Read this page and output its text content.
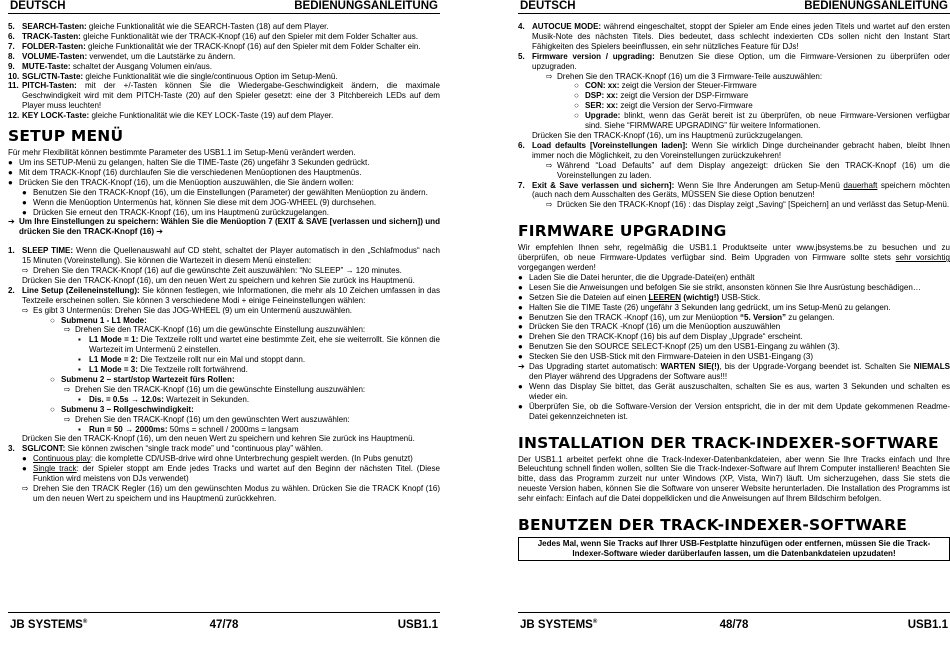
DEUTSCH	BEDIENUNGSANLEITUNG
5. SEARCH-Tasten: gleiche Funktionalität wie die SEARCH-Tasten (18) auf dem Player.
6. TRACK-Tasten: gleiche Funktionalität wie der TRACK-Knopf (16) auf den Spieler mit dem Folder Schalter aus.
7. FOLDER-Tasten: gleiche Funktionalität wie der TRACK-Knopf (16) auf den Spieler mit dem Folder Schalter ein.
8. VOLUME-Tasten: verwendet, um die Lautstärke zu ändern.
9. MUTE-Taste: schaltet der Ausgang Volumen ein/aus.
10. SGL/CTN-Taste: gleiche Funktionalität wie die single/continuous Option im Setup-Menü.
11. PITCH-Tasten: mit der +/-Tasten können Sie die Wiedergabe-Geschwindigkeit ändern, die maximale Geschwindigkeit wird mit dem PITCH-Taste (20) auf den Spieler gesetzt: eine der 3 Pitchbereich LEDs auf dem Player muss leuchten!
12. KEY LOCK-Taste: gleiche Funktionalität wie die KEY LOCK-Taste (19) auf dem Player.
SETUP MENÜ

Für mehr Flexibilität können bestimmte Parameter des USB1.1 im Setup-Menü verändert werden.

● Um ins SETUP-Menü zu gelangen, halten Sie die TIME-Taste (26) ungefähr 3 Sekunden gedrückt.
● Mit dem TRACK-Knopf (16) durchlaufen Sie die verschiedenen Menüoptionen des Hauptmenüs.
● Drücken Sie den TRACK-Knopf (16), um die Menüoption auszuwählen, die Sie ändern wollen:
● Benutzen Sie den TRACK-Knopf (16), um die Einstellungen (Parameter) der gewählten Menüoption zu ändern.
● Wenn die Menüoption Untermenüs hat, können Sie diese mit dem JOG-WHEEL (9) durchsehen.
● Drücken Sie erneut den TRACK-Knopf (16), um ins Hauptmenü zurückzugelangen.
➔ Um Ihre Einstellungen zu speichern: Wählen Sie die Menüoption 7 (EXIT & SAVE [verlassen und sichern]) und drücken Sie den TRACK-Knopf (16) ➔
1. SLEEP TIME: Wenn die Quellenauswahl auf CD steht, schaltet der Player automatisch in den „Schlafmodus“ nach 15 Minuten (Voreinstellung). Sie können die Wartezeit in diesem Menü einstellen:
⇨ Drehen Sie den TRACK-Knopf (16) auf die gewünschte Zeit auszuwählen: “No SLEEP” → 120 minutes.

Drücken Sie den TRACK-Knopf (16), um den neuen Wert zu speichern und kehren Sie zurück ins Hauptmenü.

2. Line Setup (Zeileneinstellung): Sie können festlegen, wie Informationen, die mehr als 10 Zeichen umfassen in das Textzeile erscheinen sollen. Sie können 3 verschiedene Modi + einige Feineinstellungen wählen:
⇨ Es gibt 3 Untermenüs: Drehen Sie das JOG-WHEEL (9) um ein Untermenü auszuwählen.
○ Submenu 1 - L1 Mode:
⇨ Drehen Sie den TRACK-Knopf (16) um die gewünschte Einstellung auszuwählen:
▪	L1 Mode = 1: Die Textzeile rollt und wartet eine bestimmte Zeit, ehe sie weiterrollt. Sie können die Wartezeit im Untermenü 2 einstellen.
▪	L1 Mode = 2: Die Textzeile rollt nur ein Mal und stoppt dann.
▪	L1 Mode = 3: Die Textzeile rollt fortwährend.
○ Submenu 2 – start/stop Wartezeit fürs Rollen:
⇨ Drehen Sie den TRACK-Knopf (16) um die gewünschte Einstellung auszuwählen:
▪	Dis. = 0.5s → 12.0s: Wartezeit in Sekunden.
○ Submenu 3 – Rollgeschwindigkeit:
⇨ Drehen Sie den TRACK-Knopf (16) um den gewünschten Wert auszuwählen:
▪	Run = 50 → 2000ms: 50ms = schnell / 2000ms = langsam

Drücken Sie den TRACK-Knopf (16), um den neuen Wert zu speichern und kehren Sie zurück ins Hauptmenü.

3. SGL/CONT: Sie können zwischen “single track mode” und “continuous play” wählen.
● Continuous play: die komplette CD/USB-drive wird ohne Unterbrechung gespielt werden. (In Pubs genutzt)
● Single track: der Spieler stoppt am Ende jedes Tracks und wartet auf den Beginn der nächsten Titel. (Diese Funktion wird meistens von DJs verwendet)
⇨ Drehen Sie den TRACK Regler (16) um den gewünschten Modus zu wählen. Drücken Sie die TRACK Knopf (16) um den neuen Wert zu speichern und ins Hauptmenü zurückkehren.
JB SYSTEMS®	47/78	USB1.1
DEUTSCH	BEDIENUNGSANLEITUNG
4. AUTOCUE MODE: während eingeschaltet, stoppt der Spieler am Ende eines jeden Titels und wartet auf den ersten Musik-Note des nächsten Titels. Dies bedeutet, dass schlecht indexierten CDs sollen nicht den Instant Start Fähigkeiten des Spielers beeinflussen, ein sehr nützliches Feature für DJs!
5. Firmware version / upgrading: Benutzen Sie diese Option, um die Firmware-Versionen zu überprüfen oder upzugraden.
⇨ Drehen Sie den TRACK-Knopf (16) um die 3 Firmware-Teile auszuwählen:
○ CON: xx: zeigt die Version der Steuer-Firmware
○ DSP: xx: zeigt die Version der DSP-Firmware
○ SER: xx: zeigt die Version der Servo-Firmware
○ Upgrade: blinkt, wenn das Gerät bereit ist zu überprüfen, ob neue Firmware-Versionen verfügbar sind. Siehe “FIRMWARE UPGRADING” für weitere Informationen.

Drücken Sie den TRACK-Knopf (16), um ins Hauptmenü zurückzugelangen.

6. Load defaults [Voreinstellungen laden]: Wenn Sie wirklich Dinge durcheinander gebracht haben, bleibt Ihnen immer noch die Möglichkeit, zu den Voreinstellungen zurückzukehren!
⇨ Während “Load Defaults” auf dem Display angezeigt: drücken Sie den TRACK-Knopf (16) um die Voreinstellungen zu laden.
7. Exit & Save verlassen und sichern]: Wenn Sie Ihre Änderungen am Setup-Menü dauerhaft speichern möchten (auch nach dem Ausschalten des Geräts, MÜSSEN Sie diese Option benutzen!
⇨ Drücken Sie den TRACK-Knopf (16) : das Display zeigt „Saving“ [Speichern] an und verlässt das Setup-Menü.
FIRMWARE UPGRADING

Wir empfehlen Ihnen sehr, regelmäßig die USB1.1 Produktseite unter www.jbsystems.be zu besuchen und zu überprüfen, ob neue Firmware-Updates verfügbar sind. Beim Upgraden von Firmware sollte stets sehr vorsichtig vorgegangen werden!

● Laden Sie die Datei herunter, die die Upgrade-Datei(en) enthält
● Lesen Sie die Anweisungen und befolgen Sie sie strikt, ansonsten können Sie Ihre Ausrüstung beschädigen…
● Setzen Sie die Dateien auf einen LEEREN (wichtig!) USB-Stick.
● Halten Sie die TIME Taste (26) ungefähr 3 Sekunden lang gedrückt, um ins Setup-Menü zu gelangen.
● Benutzen Sie den TRACK -Knopf (16), um zur Menüoption “5. Version” zu gelangen.
● Drücken Sie den TRACK -Knopf (16) um die Menüoption auszuwählen
● Drehen Sie den TRACK-Knopf (16) bis auf dem Display „Upgrade“ erscheint.
● Benutzen Sie den SOURCE SELECT-Knopf (25) um den USB1-Eingang zu wählen (3).
● Stecken Sie den USB-Stick mit den Firmware-Dateien in den USB1-Eingang (3)
➔ Das Upgrading startet automatisch: WARTEN SIE(!), bis der Upgrade-Vorgang beendet ist. Schalten Sie NIEMALS den Player während des Upgradens der Software aus!!!
● Wenn das Display Sie bittet, das Gerät auszuschalten, schalten Sie es aus, warten 3 Sekunden und schalten es wieder ein.
● Überprüfen Sie, ob die Software-Version der Version entspricht, die in der mit dem Update gekommenen Readme-Datei gekennzeichneten ist.
INSTALLATION DER TRACK-INDEXER-SOFTWARE

Der USB1.1 arbeitet perfekt ohne die Track-Indexer-Datenbankdateien, aber wenn Sie Ihre Tracks einfach und Ihre Beleuchtung schnell finden wollen, sollten Sie die Track-Indexer-Software auf Ihrem Computer installieren! Beachten Sie bitte, dass das Programm zurzeit nur unter Windows (XP, Vista, Win7) läuft. Um sicherzugehen, dass Sie stets die neueste Version haben, können Sie die Software von unserer Website herunterladen. Die Installation des Programms ist sehr einfach: Einfach auf die Datei doppelklicken und die Anweisungen auf Ihrem Bildschirm befolgen.

BENUTZEN DER TRACK-INDEXER-SOFTWARE
Jedes Mal, wenn Sie Tracks auf Ihrer USB-Festplatte hinzufügen oder entfernen, müssen Sie die Track-Indexer-Software wieder darüberlaufen lassen, um die Datenbankdateien upzudaten!
JB SYSTEMS®	48/78	USB1.1
